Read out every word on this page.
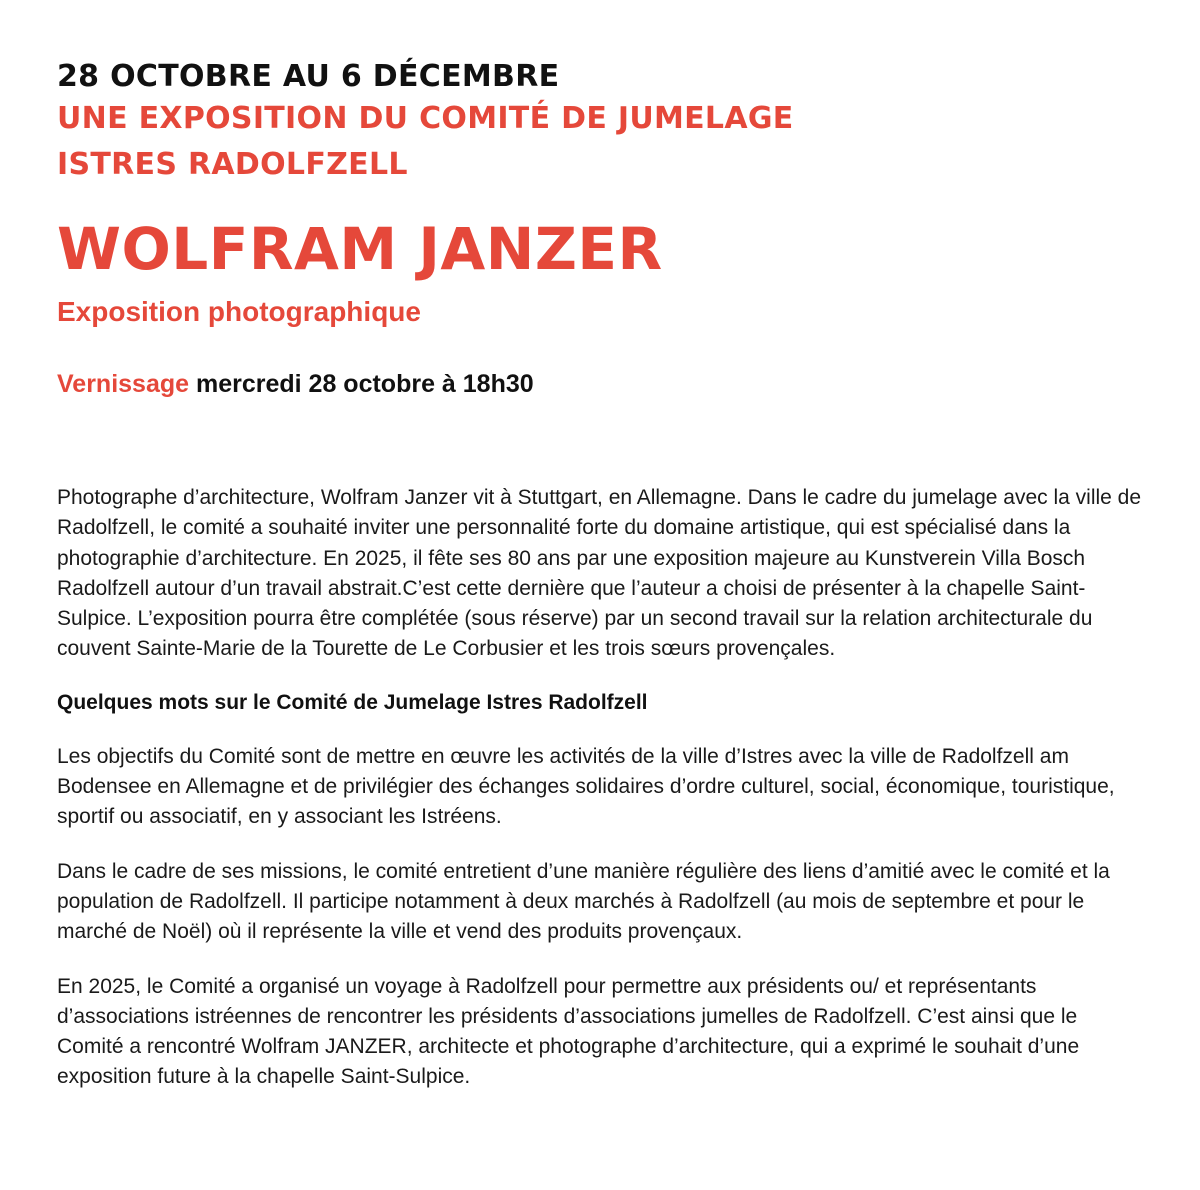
28 OCTOBRE AU 6 DÉCEMBRE
UNE EXPOSITION DU COMITÉ DE JUMELAGE
ISTRES RADOLFZELL
WOLFRAM JANZER
Exposition photographique
Vernissage mercredi 28 octobre à 18h30

Photographe d’architecture, Wolfram Janzer vit à Stuttgart, en Allemagne. Dans le cadre du jumelage avec la ville de Radolfzell, le comité a souhaité inviter une personnalité forte du domaine artistique, qui est spécialisé dans la photographie d’architecture. En 2025, il fête ses 80 ans par une exposition majeure au Kunstverein Villa Bosch Radolfzell autour d’un travail abstrait.C’est cette dernière que l’auteur a choisi de présenter à la chapelle Saint-Sulpice. L’exposition pourra être complétée (sous réserve) par un second travail sur la relation architecturale du couvent Sainte-Marie de la Tourette de Le Corbusier et les trois sœurs provençales.

Quelques mots sur le Comité de Jumelage Istres Radolfzell

Les objectifs du Comité sont de mettre en œuvre les activités de la ville d’Istres avec la ville de Radolfzell am Bodensee en Allemagne et de privilégier des échanges solidaires d’ordre culturel, social, économique, touristique, sportif ou associatif, en y associant les Istréens.

Dans le cadre de ses missions, le comité entretient d’une manière régulière des liens d’amitié avec le comité et la population de Radolfzell. Il participe notamment à deux marchés à Radolfzell (au mois de septembre et pour le marché de Noël) où il représente la ville et vend des produits provençaux.

En 2025, le Comité a organisé un voyage à Radolfzell pour permettre aux présidents ou/ et représentants d’associations istréennes de rencontrer les présidents d’associations jumelles de Radolfzell. C’est ainsi que le Comité a rencontré Wolfram JANZER, architecte et photographe d’architecture, qui a exprimé le souhait d’une exposition future à la chapelle Saint-Sulpice.
